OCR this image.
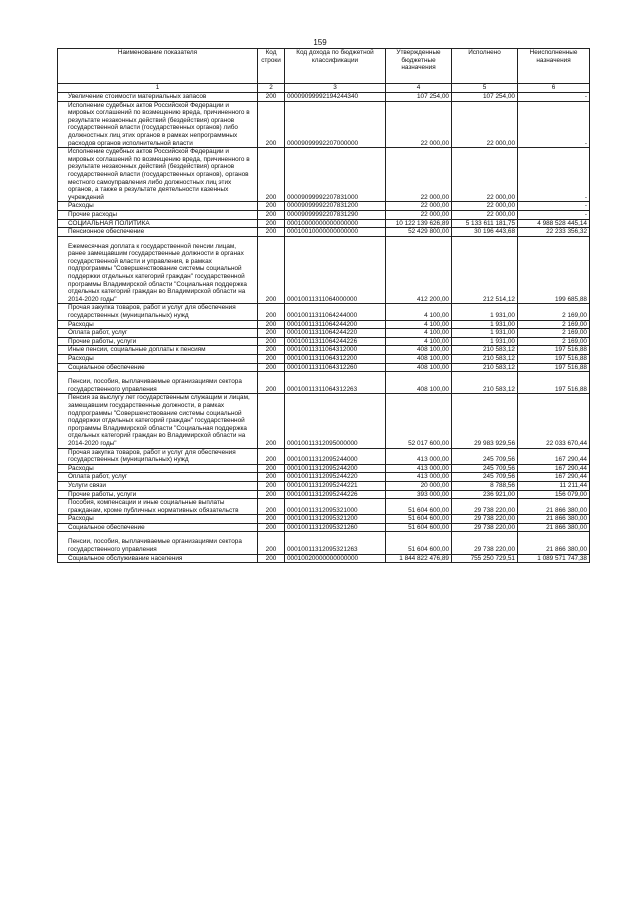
159
Наименование показателя	Код строки	Код дохода по бюджетной классификации	Утвержденные бюджетные назначения	Исполнено	Неисполненные назначения
1	2	3	4	5	6
Увеличение стоимости материальных запасов	200	00009099992194244340	107 254,00	107 254,00	-
Исполнение судебных актов Российской Федерации и мировых соглашений по возмещению вреда, причиненного в результате незаконных действий (бездействия) органов государственной власти (государственных органов) либо должностных лиц этих органов в рамках непрограммных расходов органов исполнительной власти	200	00009099992207000000	22 000,00	22 000,00	-
Исполнение судебных актов Российской Федерации и мировых соглашений по возмещению вреда, причиненного в результате незаконных действий (бездействия) органов государственной власти (государственных органов), органов местного самоуправления либо должностных лиц этих органов, а также в результате деятельности казенных учреждений	200	00009099992207831000	22 000,00	22 000,00	-
Расходы	200	00009099992207831200	22 000,00	22 000,00	-
Прочие расходы	200	00009099992207831290	22 000,00	22 000,00	-
СОЦИАЛЬНАЯ ПОЛИТИКА	200	00010000000000000000	10 122 139 626,89	5 133 611 181,75	4 988 528 445,14
Пенсионное обеспечение	200	00010010000000000000	52 429 800,00	30 196 443,68	22 233 356,32
Ежемесячная доплата к государственной пенсии лицам, ранее замещавшим государственные должности в органах государственной власти и управления, в рамках подпрограммы "Совершенствование системы социальной поддержки отдельных категорий граждан" государственной программы Владимирской области "Социальная поддержка отдельных категорий граждан во Владимирской области на 2014-2020 годы"	200	00010011311064000000	412 200,00	212 514,12	199 685,88
Прочая закупка товаров, работ и услуг для обеспечения государственных (муниципальных) нужд	200	00010011311064244000	4 100,00	1 931,00	2 169,00
Расходы	200	00010011311064244200	4 100,00	1 931,00	2 169,00
Оплата работ, услуг	200	00010011311064244220	4 100,00	1 931,00	2 169,00
Прочие работы, услуги	200	00010011311064244226	4 100,00	1 931,00	2 169,00
Иные пенсии, социальные доплаты к пенсиям	200	00010011311064312000	408 100,00	210 583,12	197 516,88
Расходы	200	00010011311064312200	408 100,00	210 583,12	197 516,88
Социальное обеспечение	200	00010011311064312260	408 100,00	210 583,12	197 516,88
Пенсии, пособия, выплачиваемые организациями сектора государственного управления	200	00010011311064312263	408 100,00	210 583,12	197 516,88
Пенсия за выслугу лет государственным служащим и лицам, замещавшим государственные должности, в рамках подпрограммы "Совершенствование системы социальной поддержки отдельных категорий граждан" государственной программы Владимирской области "Социальная поддержка отдельных категорий граждан во Владимирской области на 2014-2020 годы"	200	00010011312095000000	52 017 600,00	29 983 929,56	22 033 670,44
Прочая закупка товаров, работ и услуг для обеспечения государственных (муниципальных) нужд	200	00010011312095244000	413 000,00	245 709,56	167 290,44
Расходы	200	00010011312095244200	413 000,00	245 709,56	167 290,44
Оплата работ, услуг	200	00010011312095244220	413 000,00	245 709,56	167 290,44
Услуги связи	200	00010011312095244221	20 000,00	8 788,56	11 211,44
Прочие работы, услуги	200	00010011312095244226	393 000,00	236 921,00	156 079,00
Пособия, компенсации и иные социальные выплаты гражданам, кроме публичных нормативных обязательств	200	00010011312095321000	51 604 600,00	29 738 220,00	21 866 380,00
Расходы	200	00010011312095321200	51 604 600,00	29 738 220,00	21 866 380,00
Социальное обеспечение	200	00010011312095321260	51 604 600,00	29 738 220,00	21 866 380,00
Пенсии, пособия, выплачиваемые организациями сектора государственного управления	200	00010011312095321263	51 604 600,00	29 738 220,00	21 866 380,00
Социальное обслуживание населения	200	00010020000000000000	1 844 822 476,89	755 250 729,51	1 089 571 747,38
